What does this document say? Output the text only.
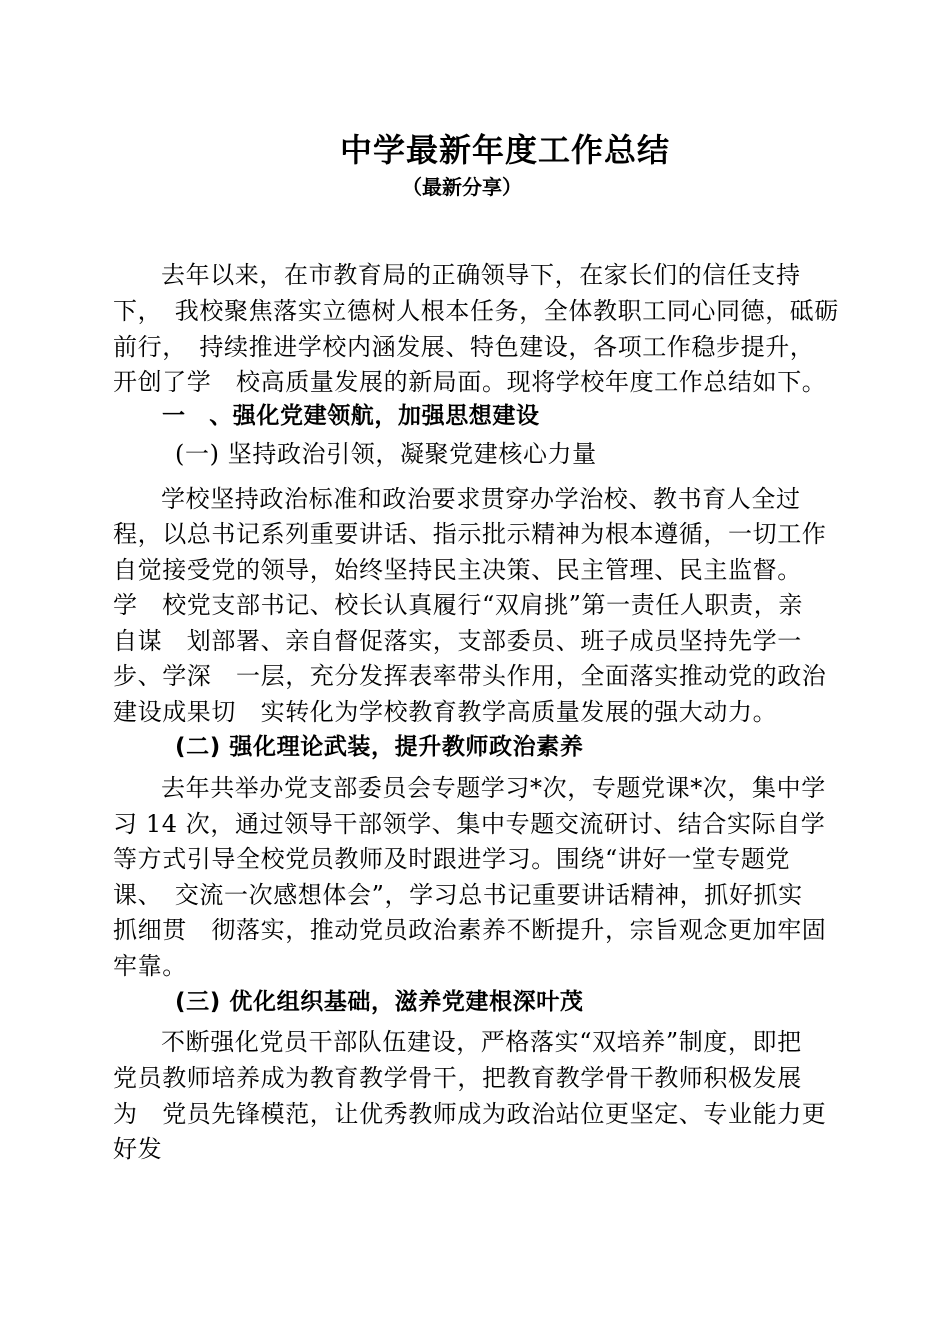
中学最新年度工作总结
（最新分享）
去年以来，在市教育局的正确领导下，在家长们的信任支持
下，　我校聚焦落实立德树人根本任务，全体教职工同心同德，砥砺
前行，　持续推进学校内涵发展、特色建设，各项工作稳步提升，
开创了学　校高质量发展的新局面。现将学校年度工作总结如下。
一　、强化党建领航，加强思想建设
(一) 坚持政治引领，凝聚党建核心力量
学校坚持政治标准和政治要求贯穿办学治校、教书育人全过
程，以总书记系列重要讲话、指示批示精神为根本遵循，一切工作
自觉接受党的领导，始终坚持民主决策、民主管理、民主监督。
学　校党支部书记、校长认真履行“双肩挑”第一责任人职责，亲
自谋　划部署、亲自督促落实，支部委员、班子成员坚持先学一
步、学深　一层，充分发挥表率带头作用，全面落实推动党的政治
建设成果切　实转化为学校教育教学高质量发展的强大动力。
(二) 强化理论武装，提升教师政治素养
去年共举办党支部委员会专题学习*次，专题党课*次，集中学
习 14 次，通过领导干部领学、集中专题交流研讨、结合实际自学
等方式引导全校党员教师及时跟进学习。围绕“讲好一堂专题党
课、　交流一次感想体会”，学习总书记重要讲话精神，抓好抓实
抓细贯　彻落实，推动党员政治素养不断提升，宗旨观念更加牢固
牢靠。
(三) 优化组织基础，滋养党建根深叶茂
不断强化党员干部队伍建设，严格落实“双培养”制度，即把
党员教师培养成为教育教学骨干，把教育教学骨干教师积极发展
为　党员先锋模范，让优秀教师成为政治站位更坚定、专业能力更
好发
